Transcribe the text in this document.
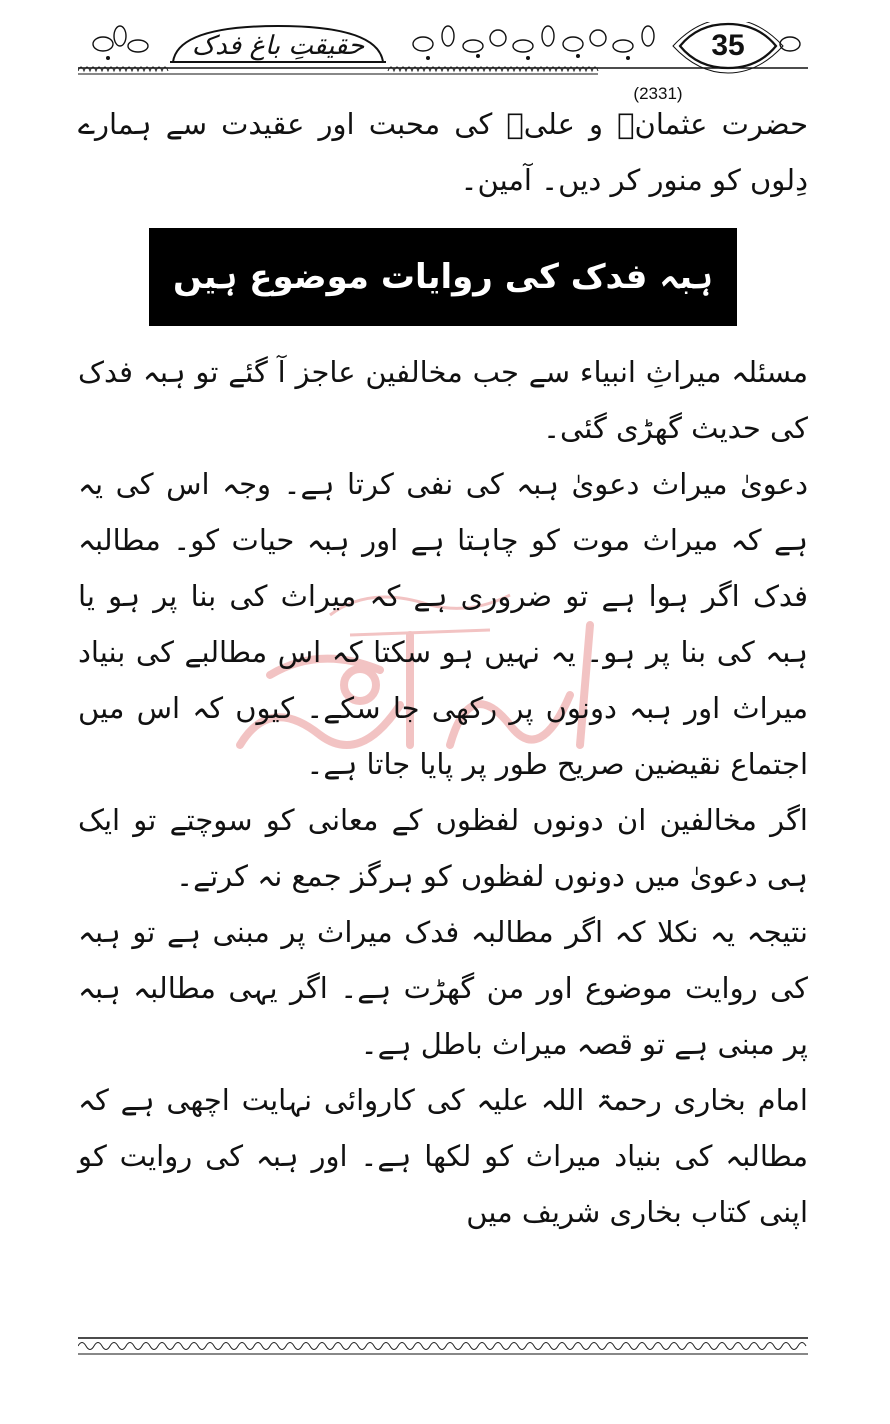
حقیقتِ باغ فدک	35
(2331)

حضرت عثمانؓ و علیؓ کی محبت اور عقیدت سے ہمارے دِلوں کو منور کر دیں۔ آمین۔

ہبہ فدک کی روایات موضوع ہیں

مسئلہ میراثِ انبیاء سے جب مخالفین عاجز آ گئے تو ہبہ فدک کی حدیث گھڑی گئی۔

دعویٰ میراث دعویٰ ہبہ کی نفی کرتا ہے۔ وجہ اس کی یہ ہے کہ میراث موت کو چاہتا ہے اور ہبہ حیات کو۔ مطالبہ فدک اگر ہوا ہے تو ضروری ہے کہ میراث کی بنا پر ہو یا ہبہ کی بنا پر ہو۔ یہ نہیں ہو سکتا کہ اس مطالبے کی بنیاد میراث اور ہبہ دونوں پر رکھی جا سکے۔ کیوں کہ اس میں اجتماع نقیضین صریح طور پر پایا جاتا ہے۔

اگر مخالفین ان دونوں لفظوں کے معانی کو سوچتے تو ایک ہی دعویٰ میں دونوں لفظوں کو ہرگز جمع نہ کرتے۔

نتیجہ یہ نکلا کہ اگر مطالبہ فدک میراث پر مبنی ہے تو ہبہ کی روایت موضوع اور من گھڑت ہے۔ اگر یہی مطالبہ ہبہ پر مبنی ہے تو قصہ میراث باطل ہے۔

امام بخاری رحمۃ اللہ علیہ کی کاروائی نہایت اچھی ہے کہ مطالبہ کی بنیاد میراث کو لکھا ہے۔ اور ہبہ کی روایت کو اپنی کتاب بخاری شریف میں
